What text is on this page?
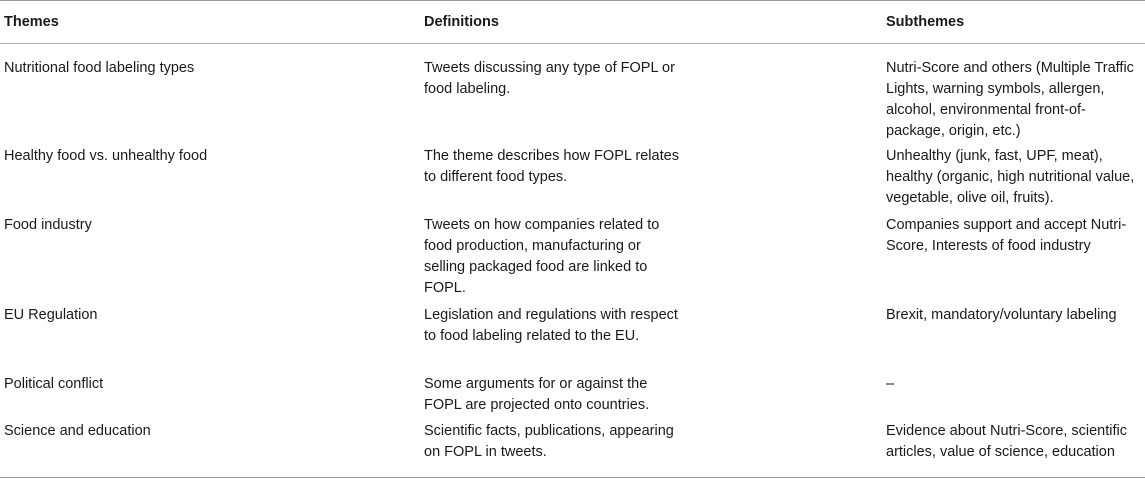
Themes	Definitions	Subthemes

Nutritional food labeling types	Tweets discussing any type of FOPL or food labeling.	Nutri-Score and others (Multiple Traffic Lights, warning symbols, allergen, alcohol, environmental front-of-package, origin, etc.)

Healthy food vs. unhealthy food	The theme describes how FOPL relates to different food types.	Unhealthy (junk, fast, UPF, meat), healthy (organic, high nutritional value, vegetable, olive oil, fruits).

Food industry	Tweets on how companies related to food production, manufacturing or selling packaged food are linked to FOPL.	Companies support and accept Nutri-Score, Interests of food industry

EU Regulation	Legislation and regulations with respect to food labeling related to the EU.	Brexit, mandatory/voluntary labeling

Political conflict	Some arguments for or against the FOPL are projected onto countries.	–

Science and education	Scientific facts, publications, appearing on FOPL in tweets.	Evidence about Nutri-Score, scientific articles, value of science, education
